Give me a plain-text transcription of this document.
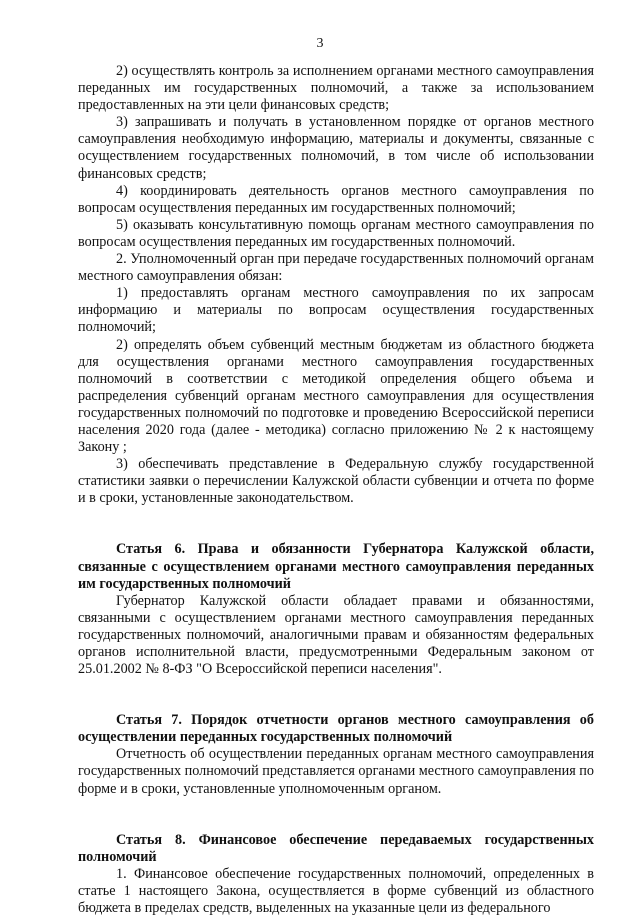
3

2) осуществлять контроль за исполнением органами местного самоуправления переданных им государственных полномочий, а также за использованием предоставленных на эти цели финансовых средств;

3) запрашивать и получать в установленном порядке от органов местного самоуправления необходимую информацию, материалы и документы, связанные с осуществлением государственных полномочий, в том числе об использовании финансовых средств;

4) координировать деятельность органов местного самоуправления по вопросам осуществления переданных им государственных полномочий;

5) оказывать консультативную помощь органам местного самоуправления по вопросам осуществления переданных им государственных полномочий.

2. Уполномоченный орган при передаче государственных полномочий органам местного самоуправления обязан:

1) предоставлять органам местного самоуправления по их запросам информацию и материалы по вопросам осуществления государственных полномочий;

2) определять объем субвенций местным бюджетам из областного бюджета для осуществления органами местного самоуправления государственных полномочий в соответствии с методикой определения общего объема и распределения субвенций органам местного самоуправления для осуществления государственных полномочий по подготовке и проведению Всероссийской переписи населения 2020 года (далее - методика) согласно приложению № 2 к настоящему Закону ;

3) обеспечивать представление в Федеральную службу государственной статистики заявки о перечислении Калужской области субвенции и отчета по форме и в сроки, установленные законодательством.

Статья 6. Права и обязанности Губернатора Калужской области, связанные с осуществлением органами местного самоуправления переданных им государственных полномочий

Губернатор Калужской области обладает правами и обязанностями, связанными с осуществлением органами местного самоуправления переданных государственных полномочий, аналогичными правам и обязанностям федеральных органов исполнительной власти, предусмотренными Федеральным законом от 25.01.2002 № 8-ФЗ "О Всероссийской переписи населения".

Статья 7. Порядок отчетности органов местного самоуправления об осуществлении переданных государственных полномочий

Отчетность об осуществлении переданных органам местного самоуправления государственных полномочий представляется органами местного самоуправления по форме и в сроки, установленные уполномоченным органом.

Статья 8. Финансовое обеспечение передаваемых государственных полномочий

1. Финансовое обеспечение государственных полномочий, определенных в статье 1 настоящего Закона, осуществляется в форме субвенций из областного бюджета в пределах средств, выделенных на указанные цели из федерального
